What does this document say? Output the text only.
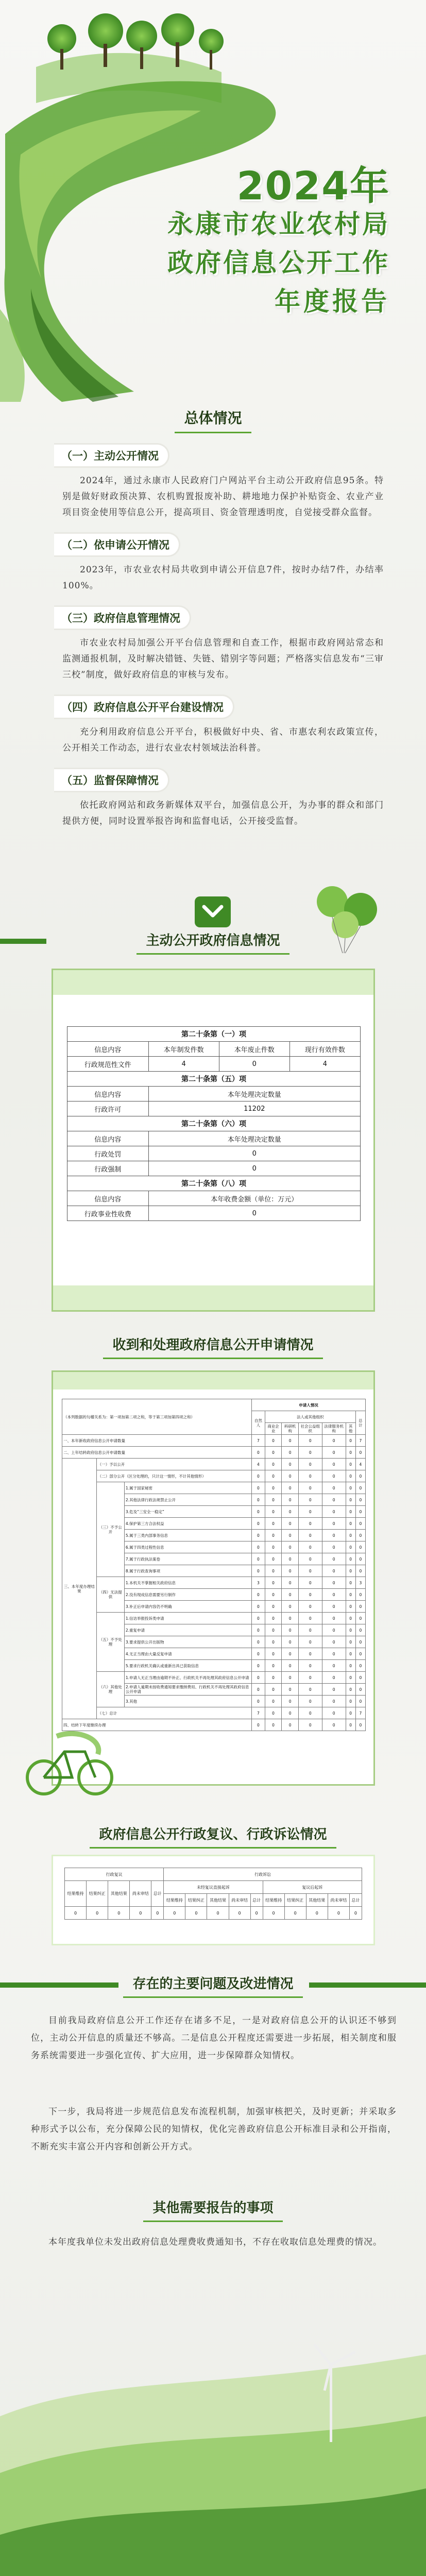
2024年
永康市农业农村局
政府信息公开工作
年度报告
总体情况
（一）主动公开情况
2024年，通过永康市人民政府门户网站平台主动公开政府信息95条。特别是做好财政预决算、农机购置报废补助、耕地地力保护补贴资金、农业产业项目资金使用等信息公开，提高项目、资金管理透明度，自觉接受群众监督。
（二）依申请公开情况
2023年，市农业农村局共收到申请公开信息7件，按时办结7件，办结率100%。
（三）政府信息管理情况
市农业农村局加强公开平台信息管理和自查工作，根据市政府网站常态和监测通报机制，及时解决错链、失链、错别字等问题；严格落实信息发布“三审三校”制度，做好政府信息的审核与发布。
（四）政府信息公开平台建设情况
充分利用政府信息公开平台，积极做好中央、省、市惠农利农政策宣传，公开相关工作动态，进行农业农村领域法治科普。
（五）监督保障情况
依托政府网站和政务新媒体双平台，加强信息公开，为办事的群众和部门提供方便，同时设置举报咨询和监督电话，公开接受监督。
主动公开政府信息情况
第二十条第（一）项			
信息内容	本年制发件数	本年废止件数	现行有效件数
行政规范性文件	4	0	4
第二十条第（五）项			
信息内容	本年处理决定数量		
行政许可	11202		
第二十条第（六）项			
信息内容	本年处理决定数量		
行政处罚	0		
行政强制	0		
第二十条第（八）项			
信息内容	本年收费金额（单位：万元）		
行政事业性收费	0		
收到和处理政府信息公开申请情况
（本列数据的勾稽关系为：第一项加第二项之和，等于第三项加第四项之和）			申请人情况						
			自然人	法人或其他组织					总计
				商业企业	科研机构	社会公益组织	法律服务机构	其他	
一、本年新收政府信息公开申请数量			7	0	0	0	0	0	7
二、上年结转政府信息公开申请数量			0	0	0	0	0	0	0
三、本年度办理结果	（一）予以公开		4	0	0	0	0	0	4
	（二）部分公开（区分处理的，只计这一情形，不计其他情形）		0	0	0	0	0	0	0
	（三）不予公开	1.属于国家秘密	0	0	0	0	0	0	0
		2.其他法律行政法规禁止公开	0	0	0	0	0	0	0
		3.危及“三安全一稳定”	0	0	0	0	0	0	0
		4.保护第三方合法权益	0	0	0	0	0	0	0
		5.属于三类内部事务信息	0	0	0	0	0	0	0
		6.属于四类过程性信息	0	0	0	0	0	0	0
		7.属于行政执法案卷	0	0	0	0	0	0	0
		8.属于行政查询事项	0	0	0	0	0	0	0
	（四）无法提供	1.本机关不掌握相关政府信息	3	0	0	0	0	0	3
		2.没有现成信息需要另行制作	0	0	0	0	0	0	0
		3.补正后申请内容仍不明确	0	0	0	0	0	0	0
	（五）不予处理	1.信访举报投诉类申请	0	0	0	0	0	0	0
		2.重复申请	0	0	0	0	0	0	0
		3.要求提供公开出版物	0	0	0	0	0	0	0
		4.无正当理由大量反复申请	0	0	0	0	0	0	0
		5.要求行政机关确认或重新出具已获取信息	0	0	0	0	0	0	0
	（六）其他处理	1.申请人无正当理由逾期不补正、行政机关不再处理其政府信息公开申请	0	0	0	0	0	0	0
		2.申请人逾期未按收费通知要求缴纳费用、行政机关不再处理其政府信息公开申请	0	0	0	0	0	0	0
		3.其他	0	0	0	0	0	0	0
	（七）总计		7	0	0	0	0	0	7
四、结转下年度继续办理			0	0	0	0	0	0	0
政府信息公开行政复议、行政诉讼情况
行政复议					行政诉讼									
结果维持	结果纠正	其他结果	尚未审结	总计	未经复议直接起诉					复议后起诉				
					结果维持	结果纠正	其他结果	尚未审结	总计	结果维持	结果纠正	其他结果	尚未审结	总计
0	0	0	0	0	0	0	0	0	0	0	0	0	0	0
存在的主要问题及改进情况
目前我局政府信息公开工作还存在诸多不足，一是对政府信息公开的认识还不够到位，主动公开信息的质量还不够高。二是信息公开程度还需要进一步拓展，相关制度和服务系统需要进一步强化宣传、扩大应用，进一步保障群众知情权。
下一步，我局将进一步规范信息发布流程机制，加强审核把关，及时更新；并采取多种形式予以公布，充分保障公民的知情权，优化完善政府信息公开标准目录和公开指南，不断充实丰富公开内容和创新公开方式。
其他需要报告的事项
本年度我单位未发出政府信息处理费收费通知书，不存在收取信息处理费的情况。
